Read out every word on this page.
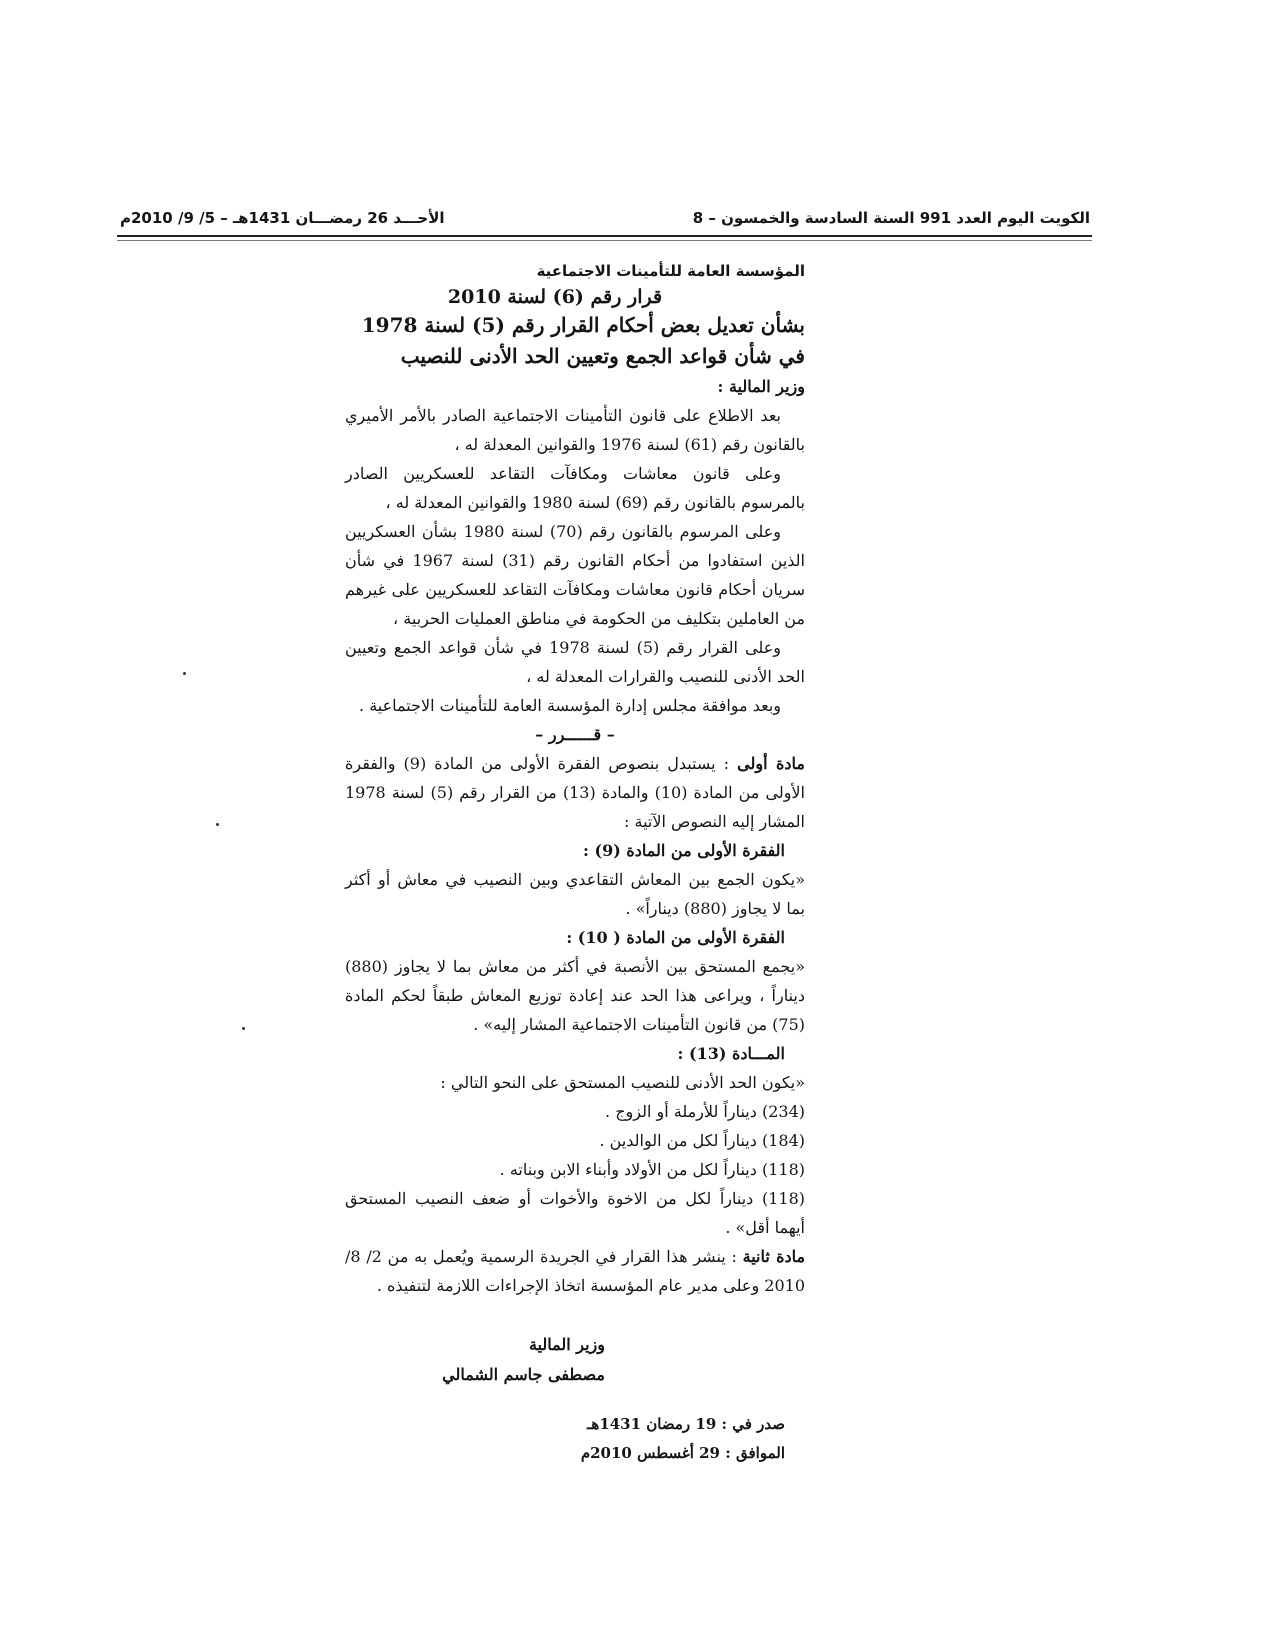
الكويت اليوم العدد 991 السنة السادسة والخمسون – 8
الأحـــد 26 رمضـــان 1431هـ – 5/ 9/ 2010م
المؤسسة العامة للتأمينات الاجتماعية
قرار رقم (6) لسنة 2010

بشأن تعديل بعض أحكام القرار رقم (5) لسنة 1978

في شأن قواعد الجمع وتعيين الحد الأدنى للنصيب

وزير المالية :

بعد الاطلاع على قانون التأمينات الاجتماعية الصادر بالأمر الأميري بالقانون رقم (61) لسنة 1976 والقوانين المعدلة له ،

وعلى قانون معاشات ومكافآت التقاعد للعسكريين الصادر بالمرسوم بالقانون رقم (69) لسنة 1980 والقوانين المعدلة له ،

وعلى المرسوم بالقانون رقم (70) لسنة 1980 بشأن العسكريين الذين استفادوا من أحكام القانون رقم (31) لسنة 1967 في شأن سريان أحكام قانون معاشات ومكافآت التقاعد للعسكريين على غيرهم من العاملين بتكليف من الحكومة في مناطق العمليات الحربية ،

وعلى القرار رقم (5) لسنة 1978 في شأن قواعد الجمع وتعيين الحد الأدنى للنصيب والقرارات المعدلة له ،

وبعد موافقة مجلس إدارة المؤسسة العامة للتأمينات الاجتماعية .

– قــــــرر –

مادة أولى : يستبدل بنصوص الفقرة الأولى من المادة (9) والفقرة الأولى من المادة (10) والمادة (13) من القرار رقم (5) لسنة 1978 المشار إليه النصوص الآتية :

الفقرة الأولى من المادة (9) :

«يكون الجمع بين المعاش التقاعدي وبين النصيب في معاش أو أكثر بما لا يجاوز (880) ديناراً» .

الفقرة الأولى من المادة ( 10) :

«يجمع المستحق بين الأنصبة في أكثر من معاش بما لا يجاوز (880) ديناراً ، ويراعى هذا الحد عند إعادة توزيع المعاش طبقاً لحكم المادة (75) من قانون التأمينات الاجتماعية المشار إليه» .

المـــادة (13) :

«يكون الحد الأدنى للنصيب المستحق على النحو التالي :

(234) ديناراً للأرملة أو الزوج .

(184) ديناراً لكل من الوالدين .

(118) ديناراً لكل من الأولاد وأبناء الابن وبناته .

(118) ديناراً لكل من الاخوة والأخوات أو ضعف النصيب المستحق أيهما أقل» .

مادة ثانية : ينشر هذا القرار في الجريدة الرسمية ويُعمل به من 2/ 8/ 2010 وعلى مدير عام المؤسسة اتخاذ الإجراءات اللازمة لتنفيذه .

وزير المالية
مصطفى جاسم الشمالي
صدر في : 19 رمضان 1431هـ
الموافق : 29 أغسطس 2010م
